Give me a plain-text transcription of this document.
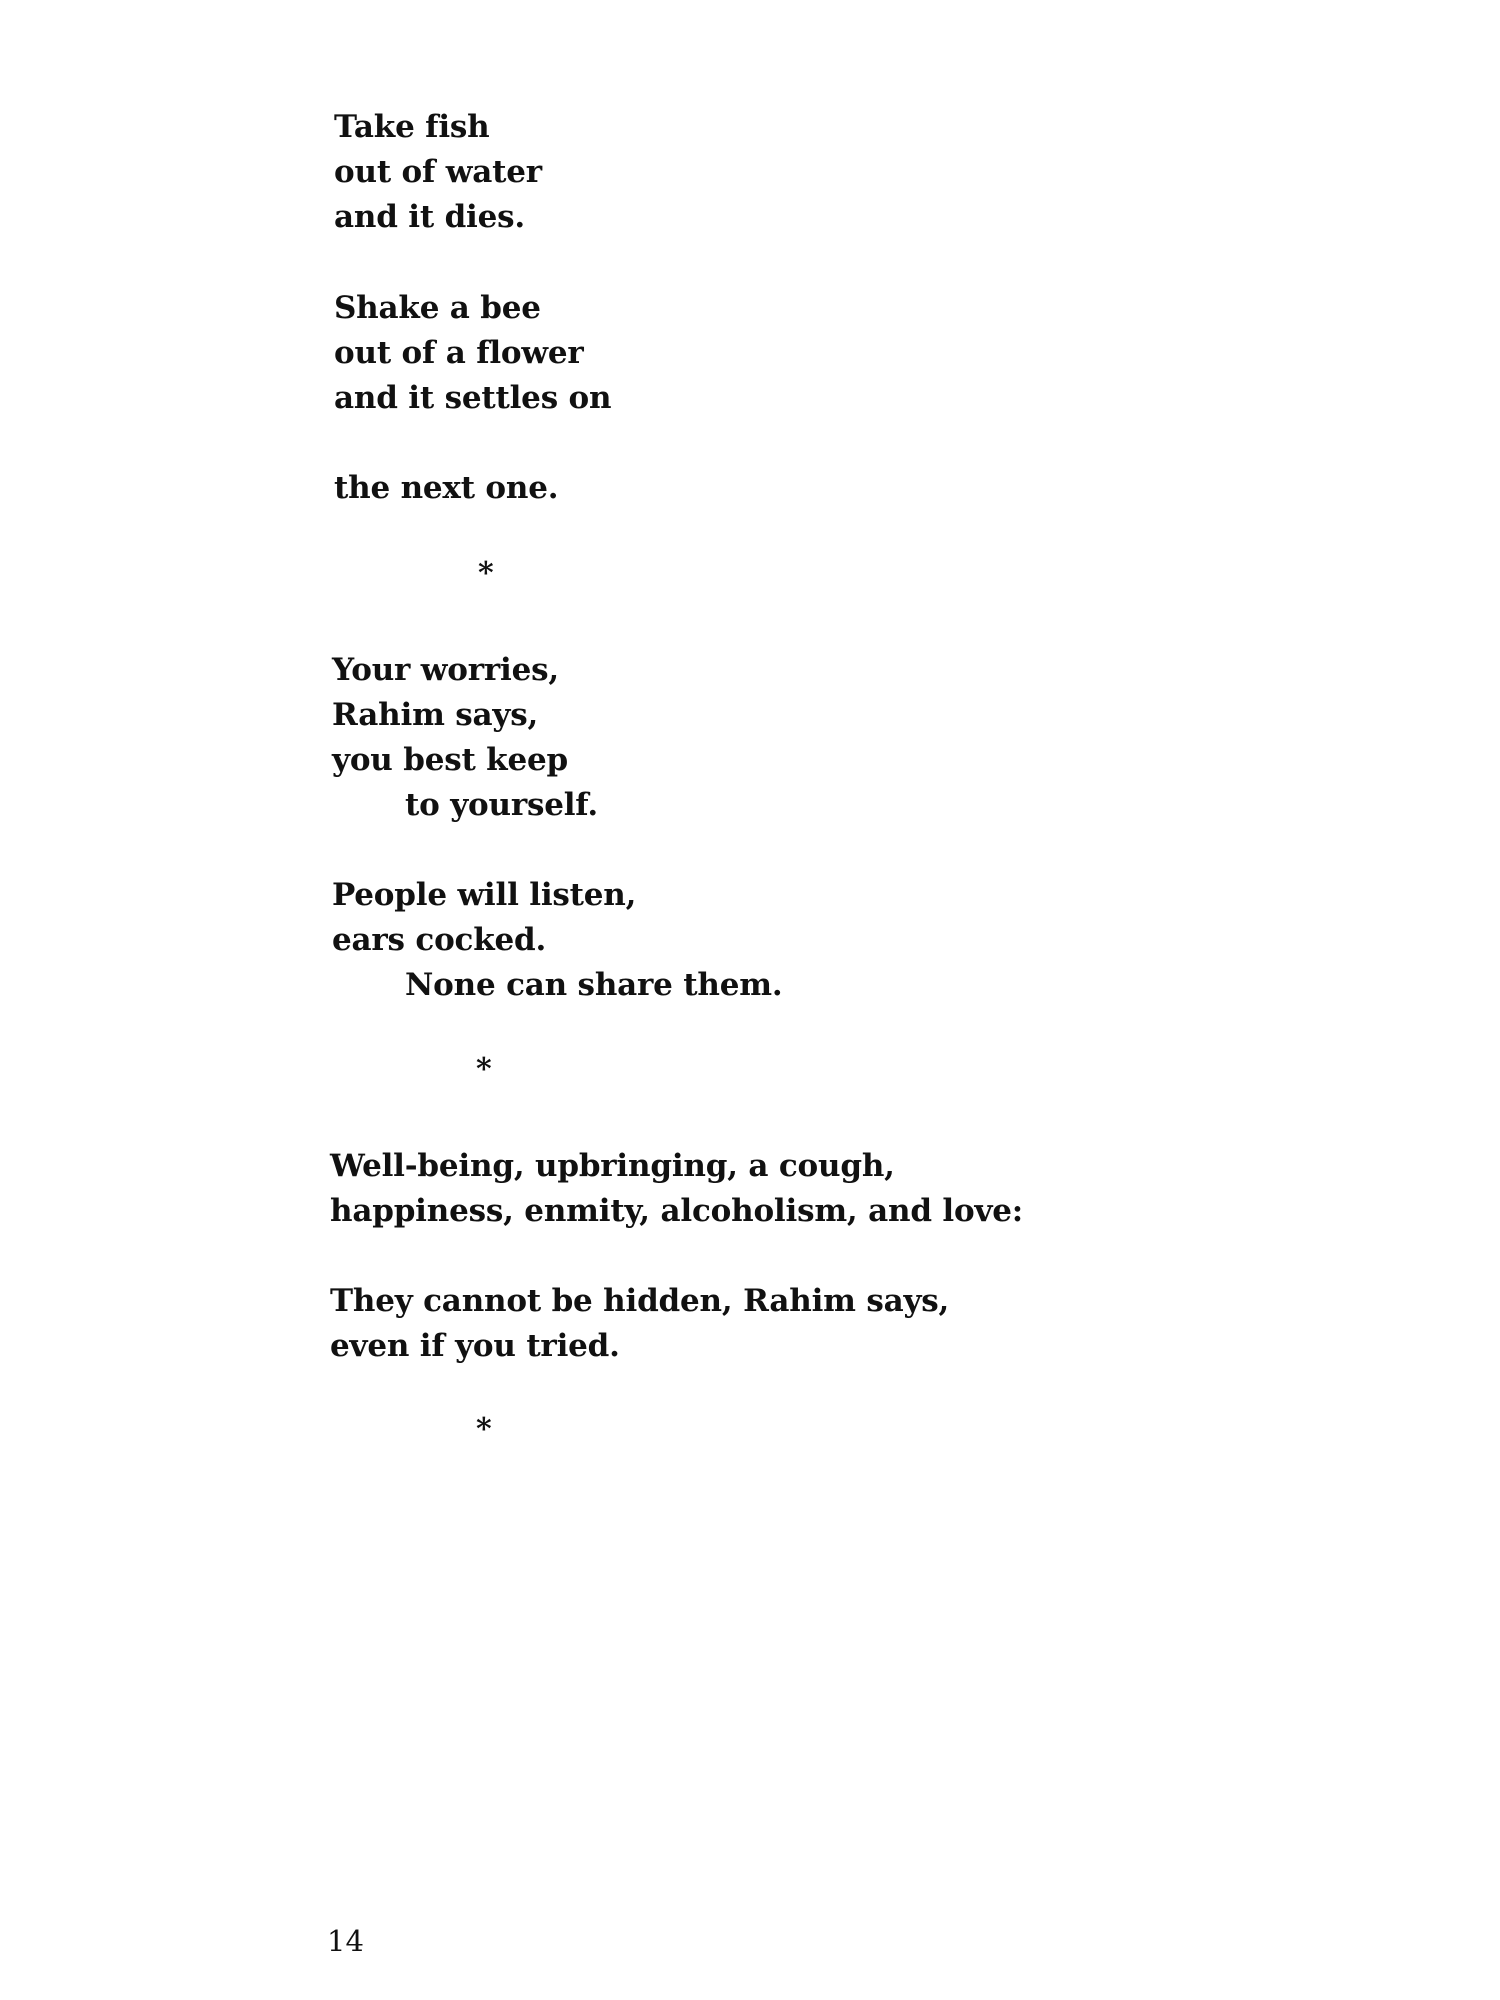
Take fish
out of water
and it dies.
Shake a bee
out of a flower
and it settles on
the next one.
*
Your worries,
Rahim says,
you best keep
to yourself.
People will listen,
ears cocked.
None can share them.
*
Well-being, upbringing, a cough,
happiness, enmity, alcoholism, and love:
They cannot be hidden, Rahim says,
even if you tried.
*
14
